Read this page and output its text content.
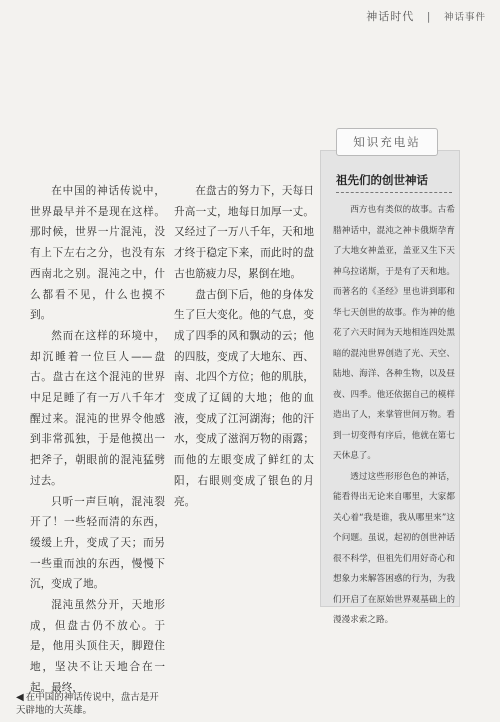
神话时代 | 神话事件

在中国的神话传说中，世界最早并不是现在这样。那时候，世界一片混沌，没有上下左右之分，也没有东西南北之别。混沌之中，什么都看不见，什么也摸不到。

然而在这样的环境中，却沉睡着一位巨人——盘古。盘古在这个混沌的世界中足足睡了有一万八千年才醒过来。混沌的世界令他感到非常孤独，于是他摸出一把斧子，朝眼前的混沌猛劈过去。

只听一声巨响，混沌裂开了！一些轻而清的东西，缓缓上升，变成了天；而另一些重而浊的东西，慢慢下沉，变成了地。

混沌虽然分开，天地形成，但盘古仍不放心。于是，他用头顶住天，脚蹬住地，坚决不让天地合在一起。最终，

在盘古的努力下，天每日升高一丈，地每日加厚一丈。又经过了一万八千年，天和地才终于稳定下来，而此时的盘古也筋疲力尽，累倒在地。

盘古倒下后，他的身体发生了巨大变化。他的气息，变成了四季的风和飘动的云；他的四肢，变成了大地东、西、南、北四个方位；他的肌肤，变成了辽阔的大地；他的血液，变成了江河湖海；他的汗水，变成了滋润万物的雨露；而他的左眼变成了鲜红的太阳，右眼则变成了银色的月亮。

知识充电站
祖先们的创世神话

西方也有类似的故事。古希腊神话中，混沌之神卡俄斯孕育了大地女神盖亚，盖亚又生下天神乌拉诺斯，于是有了天和地。而著名的《圣经》里也讲到耶和华七天创世的故事。作为神的他花了六天时间为天地相连四处黑暗的混沌世界创造了光、天空、陆地、海洋、各种生物，以及昼夜、四季。他还依据自己的模样造出了人，来掌管世间万物。看到一切变得有序后，他就在第七天休息了。

透过这些形形色色的神话，能看得出无论来自哪里，大家都关心着“我是谁，我从哪里来”这个问题。虽说，起初的创世神话很不科学，但祖先们用好奇心和想象力来解答困惑的行为，为我们开启了在原始世界观基础上的漫漫求索之路。

◀ 在中国的神话传说中，盘古是开天辟地的大英雄。
